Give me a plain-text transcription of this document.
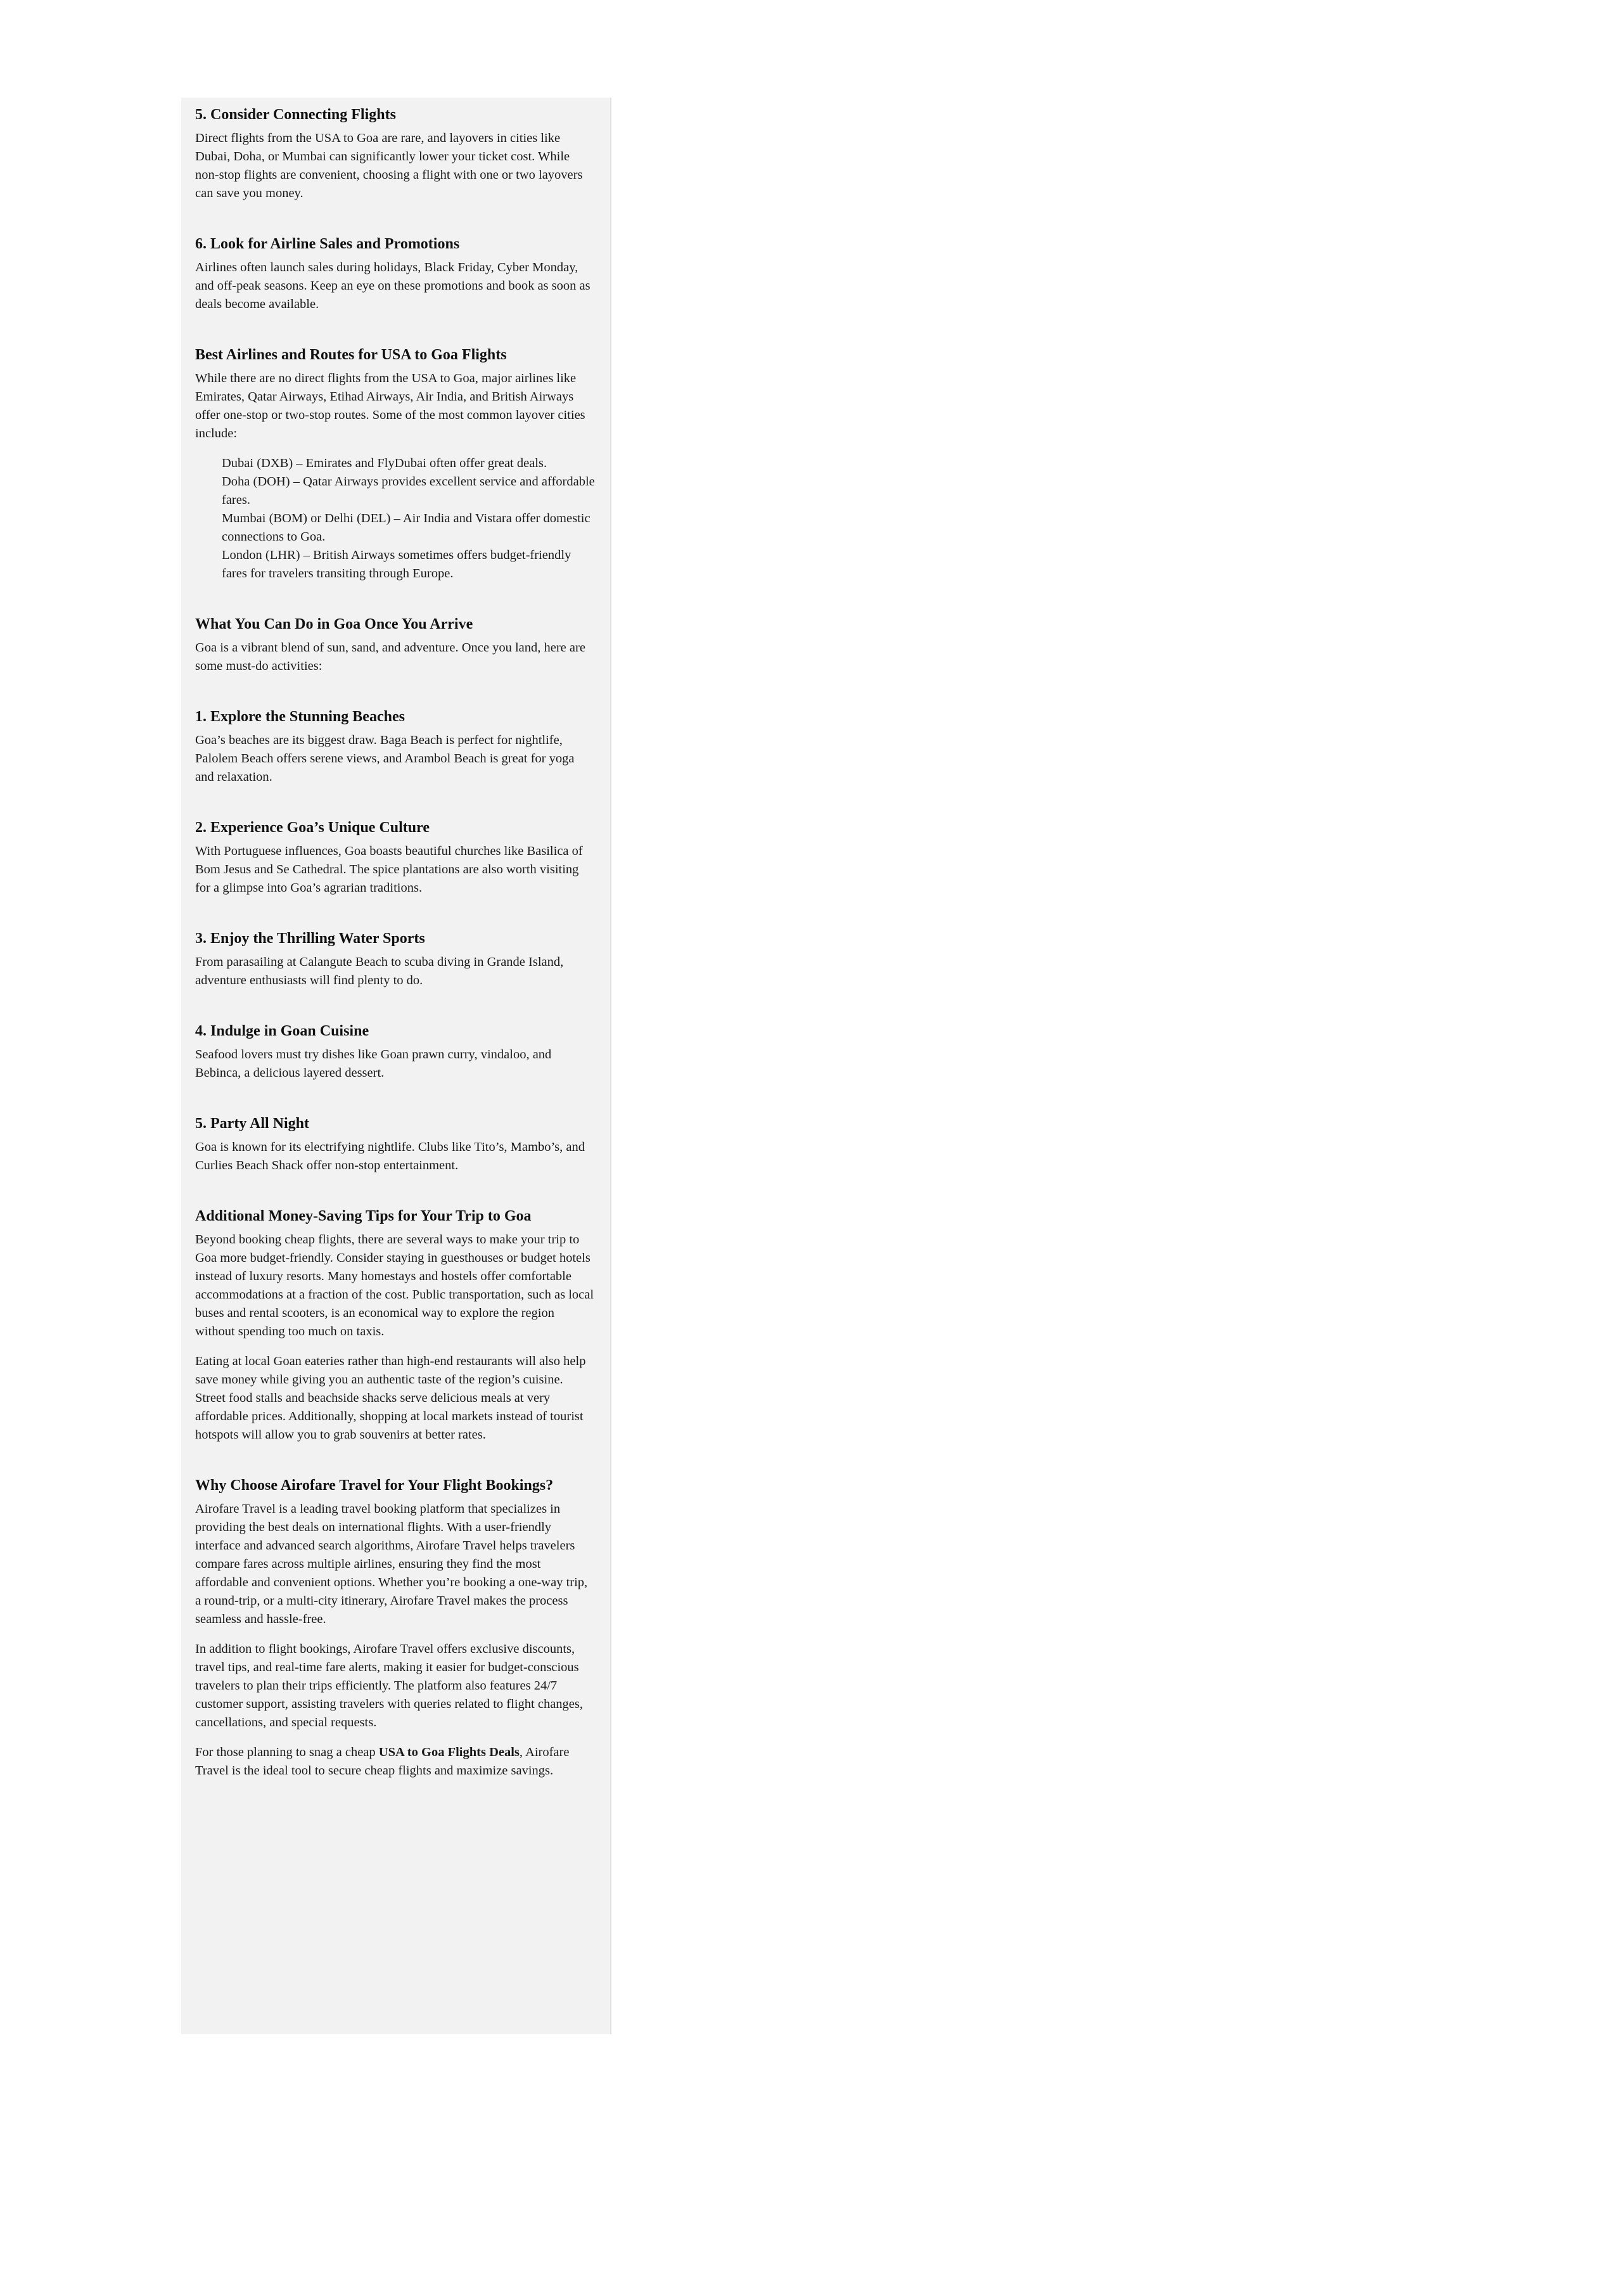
5. Consider Connecting Flights

Direct flights from the USA to Goa are rare, and layovers in cities like Dubai, Doha, or Mumbai can significantly lower your ticket cost. While non-stop flights are convenient, choosing a flight with one or two layovers can save you money.

6. Look for Airline Sales and Promotions

Airlines often launch sales during holidays, Black Friday, Cyber Monday, and off-peak seasons. Keep an eye on these promotions and book as soon as deals become available.

Best Airlines and Routes for USA to Goa Flights

While there are no direct flights from the USA to Goa, major airlines like Emirates, Qatar Airways, Etihad Airways, Air India, and British Airways offer one-stop or two-stop routes. Some of the most common layover cities include:

Dubai (DXB) – Emirates and FlyDubai often offer great deals.
Doha (DOH) – Qatar Airways provides excellent service and affordable fares.
Mumbai (BOM) or Delhi (DEL) – Air India and Vistara offer domestic connections to Goa.
London (LHR) – British Airways sometimes offers budget-friendly fares for travelers transiting through Europe.
What You Can Do in Goa Once You Arrive

Goa is a vibrant blend of sun, sand, and adventure. Once you land, here are some must-do activities:

1. Explore the Stunning Beaches

Goa’s beaches are its biggest draw. Baga Beach is perfect for nightlife, Palolem Beach offers serene views, and Arambol Beach is great for yoga and relaxation.

2. Experience Goa’s Unique Culture

With Portuguese influences, Goa boasts beautiful churches like Basilica of Bom Jesus and Se Cathedral. The spice plantations are also worth visiting for a glimpse into Goa’s agrarian traditions.

3. Enjoy the Thrilling Water Sports

From parasailing at Calangute Beach to scuba diving in Grande Island, adventure enthusiasts will find plenty to do.

4. Indulge in Goan Cuisine

Seafood lovers must try dishes like Goan prawn curry, vindaloo, and Bebinca, a delicious layered dessert.

5. Party All Night

Goa is known for its electrifying nightlife. Clubs like Tito’s, Mambo’s, and Curlies Beach Shack offer non-stop entertainment.

Additional Money-Saving Tips for Your Trip to Goa

Beyond booking cheap flights, there are several ways to make your trip to Goa more budget-friendly. Consider staying in guesthouses or budget hotels instead of luxury resorts. Many homestays and hostels offer comfortable accommodations at a fraction of the cost. Public transportation, such as local buses and rental scooters, is an economical way to explore the region without spending too much on taxis.

Eating at local Goan eateries rather than high-end restaurants will also help save money while giving you an authentic taste of the region’s cuisine. Street food stalls and beachside shacks serve delicious meals at very affordable prices. Additionally, shopping at local markets instead of tourist hotspots will allow you to grab souvenirs at better rates.

Why Choose Airofare Travel for Your Flight Bookings?

Airofare Travel is a leading travel booking platform that specializes in providing the best deals on international flights. With a user-friendly interface and advanced search algorithms, Airofare Travel helps travelers compare fares across multiple airlines, ensuring they find the most affordable and convenient options. Whether you’re booking a one-way trip, a round-trip, or a multi-city itinerary, Airofare Travel makes the process seamless and hassle-free.

In addition to flight bookings, Airofare Travel offers exclusive discounts, travel tips, and real-time fare alerts, making it easier for budget-conscious travelers to plan their trips efficiently. The platform also features 24/7 customer support, assisting travelers with queries related to flight changes, cancellations, and special requests.

For those planning to snag a cheap USA to Goa Flights Deals, Airofare Travel is the ideal tool to secure cheap flights and maximize savings.
